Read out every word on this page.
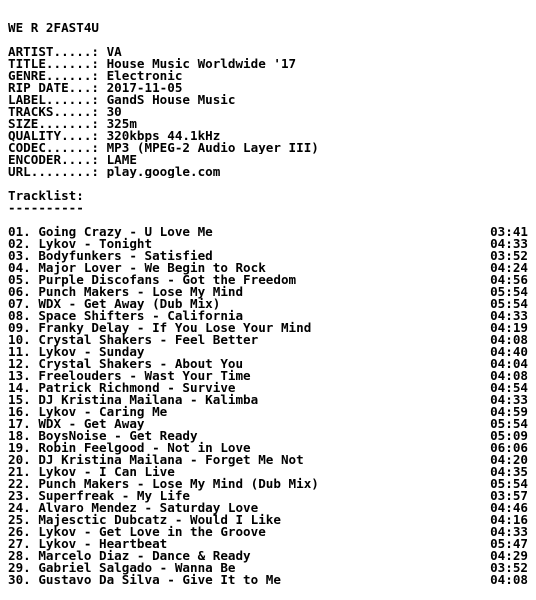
WE R 2FAST4U
ARTIST..... : VA
TITLE...... : House Music Worldwide '17
GENRE...... : Electronic
RIP DATE... : 2017-11-05
LABEL...... : GandS House Music
TRACKS..... : 30
SIZE....... : 325m
QUALITY.... : 320kbps 44.1kHz
CODEC...... : MP3 (MPEG-2 Audio Layer III)
ENCODER.... : LAME
URL........ : play.google.com
Tracklist:
----------
01. Going Crazy - U Love Me	03:41
02. Lykov - Tonight	04:33
03. Bodyfunkers - Satisfied	03:52
04. Major Lover - We Begin to Rock	04:24
05. Purple Discofans - Got the Freedom	04:56
06. Punch Makers - Lose My Mind	05:54
07. WDX - Get Away (Dub Mix)	05:54
08. Space Shifters - California	04:33
09. Franky Delay - If You Lose Your Mind	04:19
10. Crystal Shakers - Feel Better	04:08
11. Lykov - Sunday	04:40
12. Crystal Shakers - About You	04:04
13. Freelouders - Wast Your Time	04:08
14. Patrick Richmond - Survive	04:54
15. DJ Kristina Mailana - Kalimba	04:33
16. Lykov - Caring Me	04:59
17. WDX - Get Away	05:54
18. BoysNoise - Get Ready	05:09
19. Robin Feelgood - Not in Love	06:06
20. DJ Kristina Mailana - Forget Me Not	04:20
21. Lykov - I Can Live	04:35
22. Punch Makers - Lose My Mind (Dub Mix)	05:54
23. Superfreak - My Life	03:57
24. Alvaro Mendez - Saturday Love	04:46
25. Majesctic Dubcatz - Would I Like	04:16
26. Lykov - Get Love in the Groove	04:33
27. Lykov - Heartbeat	05:47
28. Marcelo Diaz - Dance & Ready	04:29
29. Gabriel Salgado - Wanna Be	03:52
30. Gustavo Da Silva - Give It to Me	04:08
